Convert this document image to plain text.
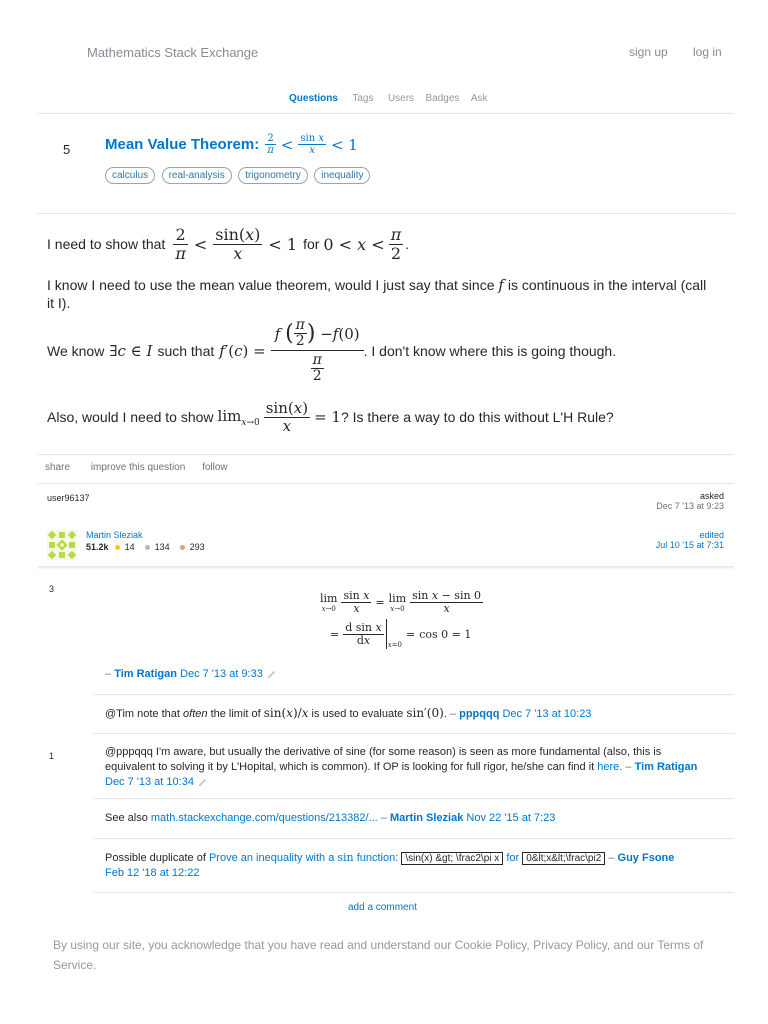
Mathematics Stack Exchange	sign up log in
Questions Tags Users Badges Ask
5 Mean Value Theorem: $\frac{2}{\pi} < \frac{\text{sin x}}{x} < 1$
calculus real-analysis trigonometry inequality
I need to show that $\frac{2}{\pi} < \frac{\sin(x)}{x} < 1$ for $0 < x < \frac{\pi}{2}$ .
I know I need to use the mean value theorem, would I just say that since f is continuous in the interval (call it I).
We know ∃c ∈ I such that f′(c) = f
( $\frac{\pi}{2}$ ) − f (0)
$\frac{\pi}{2}$ . I don't know where this is going though.
Also, would I need to show $\lim_{x\to 0} \frac{\sin(x)}{x} = 1$ ? Is there a way to do this without L'H Rule?
share improve this question follow
user96137	asked
Dec 7 '13 at 9:23
Martin Sleziak
51.2k 14 134 293
edited
Jul 10 '15 at 7:31
3
lim
$x\to 0 \frac{\text{sin x}}{x} = \lim$
$x\to 0 \frac{\text{sin x − sin 0}}{x}$
= $\frac{\text{d sin x}}{dx} x=0$
= cos 0 = 1
– Tim Ratigan Dec 7 '13 at 9:33
@Tim note that often the limit of sin(x)/x is used to evaluate sin′(0). – pppqqq Dec 7 '13 at 10:23
1	@pppqqq I'm aware, but usually the derivative of sine (for some reason) is seen as more fundamental (also, this is equivalent to solving it by L'Hopital, which is common). If OP is looking for full rigor, he/she can find it here. – Tim Ratigan Dec 7 '13 at 10:34
See also math.stackexchange.com/questions/213382/... – Martin Sleziak Nov 22 '15 at 7:23
Possible duplicate of Prove an inequality with a sin function: \sin(x) &gt; \frac2\pi x for 0&lt;x&lt;\frac\pi2 – Guy Fsone
Feb 12 '18 at 12:22
add a comment
By using our site, you acknowledge that you have read and understand our Cookie Policy, Privacy Policy, and our Terms of Service.
